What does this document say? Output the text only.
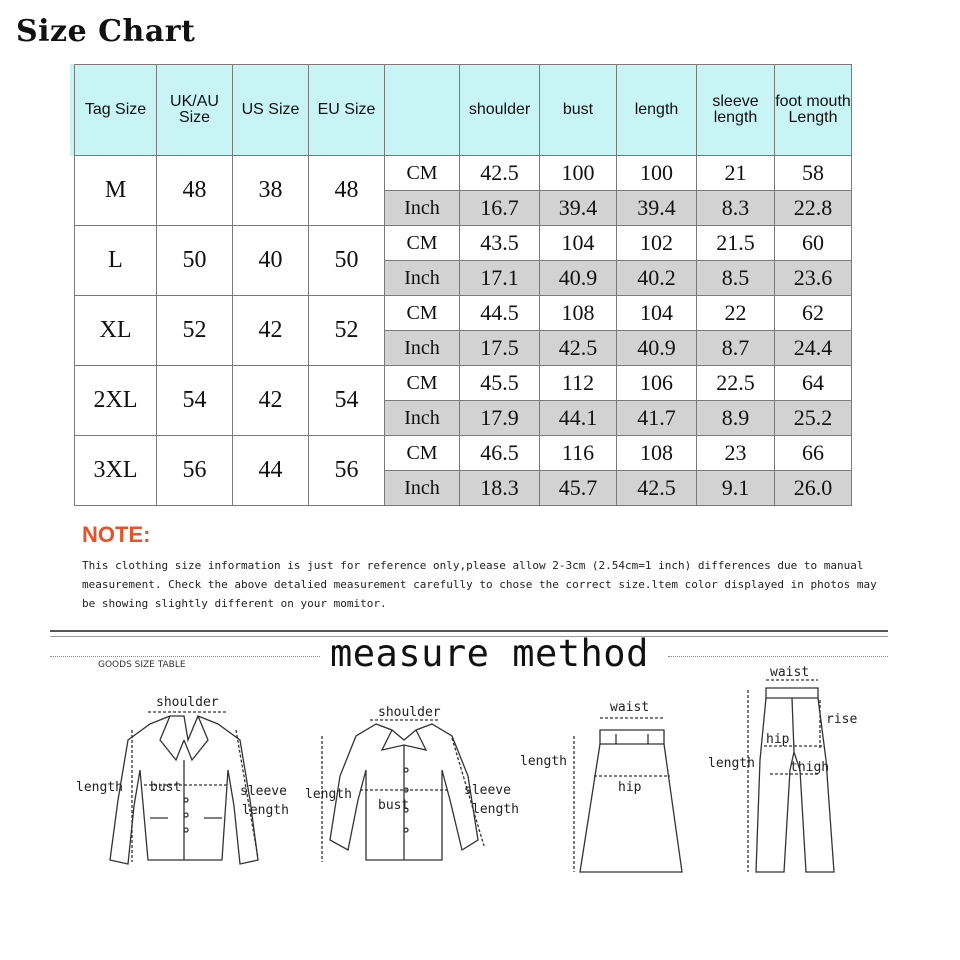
Size Chart
Tag Size	UK/AU Size	US Size	EU Size		shoulder	bust	length	sleeve length	foot mouth Length
M	48	38	48	CM	42.5	100	100	21	58
				Inch	16.7	39.4	39.4	8.3	22.8
L	50	40	50	CM	43.5	104	102	21.5	60
				Inch	17.1	40.9	40.2	8.5	23.6
XL	52	42	52	CM	44.5	108	104	22	62
				Inch	17.5	42.5	40.9	8.7	24.4
2XL	54	42	54	CM	45.5	112	106	22.5	64
				Inch	17.9	44.1	41.7	8.9	25.2
3XL	56	44	56	CM	46.5	116	108	23	66
				Inch	18.3	45.7	42.5	9.1	26.0
NOTE:
This clothing size information is just for reference only,please allow 2-3cm (2.54cm=1 inch) differences due to manual measurement. Check the above detalied measurement carefully to chose the correct size.ltem color displayed in photos may be showing slightly different on your momitor.
measure method
GOODS SIZE TABLE
shoulder
length bust	sleeve
length
shoulder
length
bust
sleeve
length
waist
length
hip
waist
rise
hip
length	thigh
